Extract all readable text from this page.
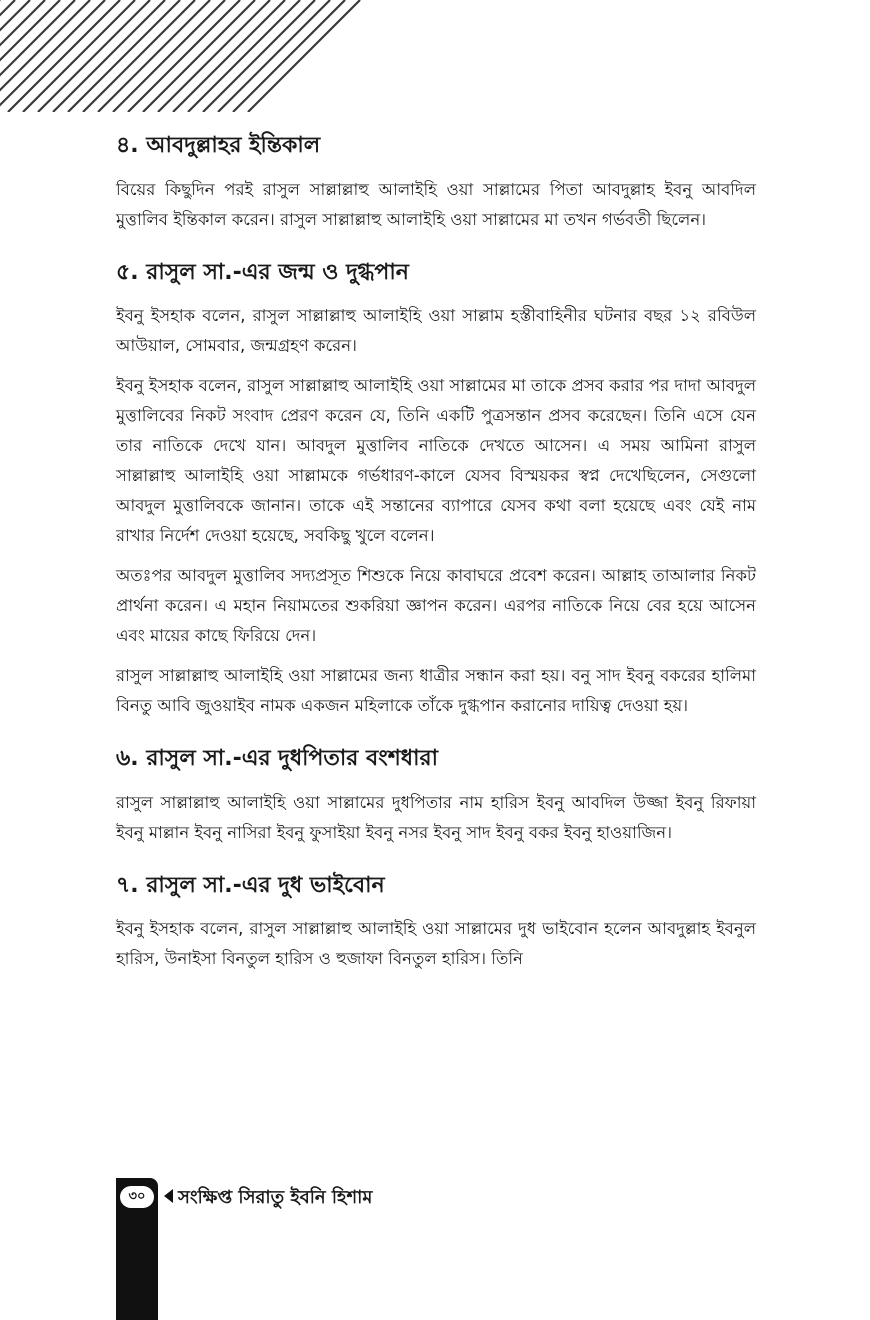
৪. আবদুল্লাহর ইন্তিকাল

বিয়ের কিছুদিন পরই রাসুল সাল্লাল্লাহু আলাইহি ওয়া সাল্লামের পিতা আবদুল্লাহ ইবনু আবদিল মুত্তালিব ইন্তিকাল করেন। রাসুল সাল্লাল্লাহু আলাইহি ওয়া সাল্লামের মা তখন গর্ভবতী ছিলেন।

৫. রাসুল সা.-এর জন্ম ও দুগ্ধপান

ইবনু ইসহাক বলেন, রাসুল সাল্লাল্লাহু আলাইহি ওয়া সাল্লাম হস্তীবাহিনীর ঘটনার বছর ১২ রবিউল আউয়াল, সোমবার, জন্মগ্রহণ করেন।

ইবনু ইসহাক বলেন, রাসুল সাল্লাল্লাহু আলাইহি ওয়া সাল্লামের মা তাকে প্রসব করার পর দাদা আবদুল মুত্তালিবের নিকট সংবাদ প্রেরণ করেন যে, তিনি একটি পুত্রসন্তান প্রসব করেছেন। তিনি এসে যেন তার নাতিকে দেখে যান। আবদুল মুত্তালিব নাতিকে দেখতে আসেন। এ সময় আমিনা রাসুল সাল্লাল্লাহু আলাইহি ওয়া সাল্লামকে গর্ভধারণ-কালে যেসব বিস্ময়কর স্বপ্ন দেখেছিলেন, সেগুলো আবদুল মুত্তালিবকে জানান। তাকে এই সন্তানের ব্যাপারে যেসব কথা বলা হয়েছে এবং যেই নাম রাখার নির্দেশ দেওয়া হয়েছে, সবকিছু খুলে বলেন।

অতঃপর আবদুল মুত্তালিব সদ্যপ্রসূত শিশুকে নিয়ে কাবাঘরে প্রবেশ করেন। আল্লাহ তাআলার নিকট প্রার্থনা করেন। এ মহান নিয়ামতের শুকরিয়া জ্ঞাপন করেন। এরপর নাতিকে নিয়ে বের হয়ে আসেন এবং মায়ের কাছে ফিরিয়ে দেন।

রাসুল সাল্লাল্লাহু আলাইহি ওয়া সাল্লামের জন্য ধাত্রীর সন্ধান করা হয়। বনু সাদ ইবনু বকরের হালিমা বিনতু আবি জুওয়াইব নামক একজন মহিলাকে তাঁকে দুগ্ধপান করানোর দায়িত্ব দেওয়া হয়।

৬. রাসুল সা.-এর দুধপিতার বংশধারা

রাসুল সাল্লাল্লাহু আলাইহি ওয়া সাল্লামের দুধপিতার নাম হারিস ইবনু আবদিল উজ্জা ইবনু রিফায়া ইবনু মাল্লান ইবনু নাসিরা ইবনু ফুসাইয়া ইবনু নসর ইবনু সাদ ইবনু বকর ইবনু হাওয়াজিন।

৭. রাসুল সা.-এর দুধ ভাইবোন

ইবনু ইসহাক বলেন, রাসুল সাল্লাল্লাহু আলাইহি ওয়া সাল্লামের দুধ ভাইবোন হলেন আবদুল্লাহ ইবনুল হারিস, উনাইসা বিনতুল হারিস ও হুজাফা বিনতুল হারিস। তিনি

৩০	সংক্ষিপ্ত সিরাতু ইবনি হিশাম
